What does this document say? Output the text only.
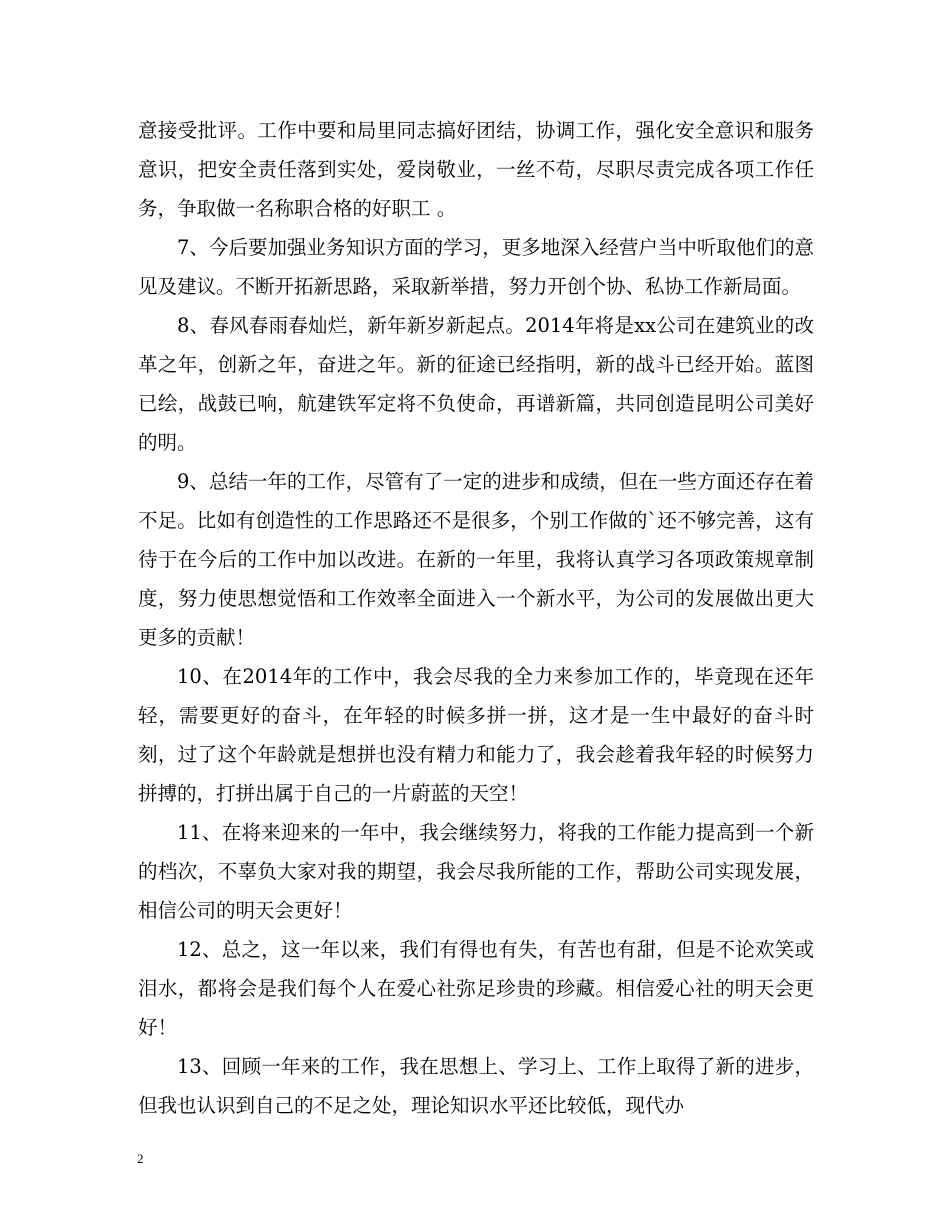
意接受批评。工作中要和局里同志搞好团结，协调工作，强化安全意识和服务意识，把安全责任落到实处，爱岗敬业，一丝不苟，尽职尽责完成各项工作任务，争取做一名称职合格的好职工 。

7、今后要加强业务知识方面的学习，更多地深入经营户当中听取他们的意见及建议。不断开拓新思路，采取新举措，努力开创个协、私协工作新局面。

8、春风春雨春灿烂，新年新岁新起点。2014年将是xx公司在建筑业的改革之年，创新之年，奋进之年。新的征途已经指明，新的战斗已经开始。蓝图已绘，战鼓已响，航建铁军定将不负使命，再谱新篇，共同创造昆明公司美好的明。

9、总结一年的工作，尽管有了一定的进步和成绩，但在一些方面还存在着不足。比如有创造性的工作思路还不是很多，个别工作做的`还不够完善，这有待于在今后的工作中加以改进。在新的一年里，我将认真学习各项政策规章制度，努力使思想觉悟和工作效率全面进入一个新水平，为公司的发展做出更大更多的贡献！

10、在2014年的工作中，我会尽我的全力来参加工作的，毕竟现在还年轻，需要更好的奋斗，在年轻的时候多拼一拼，这才是一生中最好的奋斗时刻，过了这个年龄就是想拼也没有精力和能力了，我会趁着我年轻的时候努力拼搏的，打拼出属于自己的一片蔚蓝的天空！

11、在将来迎来的一年中，我会继续努力，将我的工作能力提高到一个新的档次，不辜负大家对我的期望，我会尽我所能的工作，帮助公司实现发展，相信公司的明天会更好！

12、总之，这一年以来，我们有得也有失，有苦也有甜，但是不论欢笑或泪水，都将会是我们每个人在爱心社弥足珍贵的珍藏。相信爱心社的明天会更好！

13、回顾一年来的工作，我在思想上、学习上、工作上取得了新的进步，但我也认识到自己的不足之处，理论知识水平还比较低，现代办

2
